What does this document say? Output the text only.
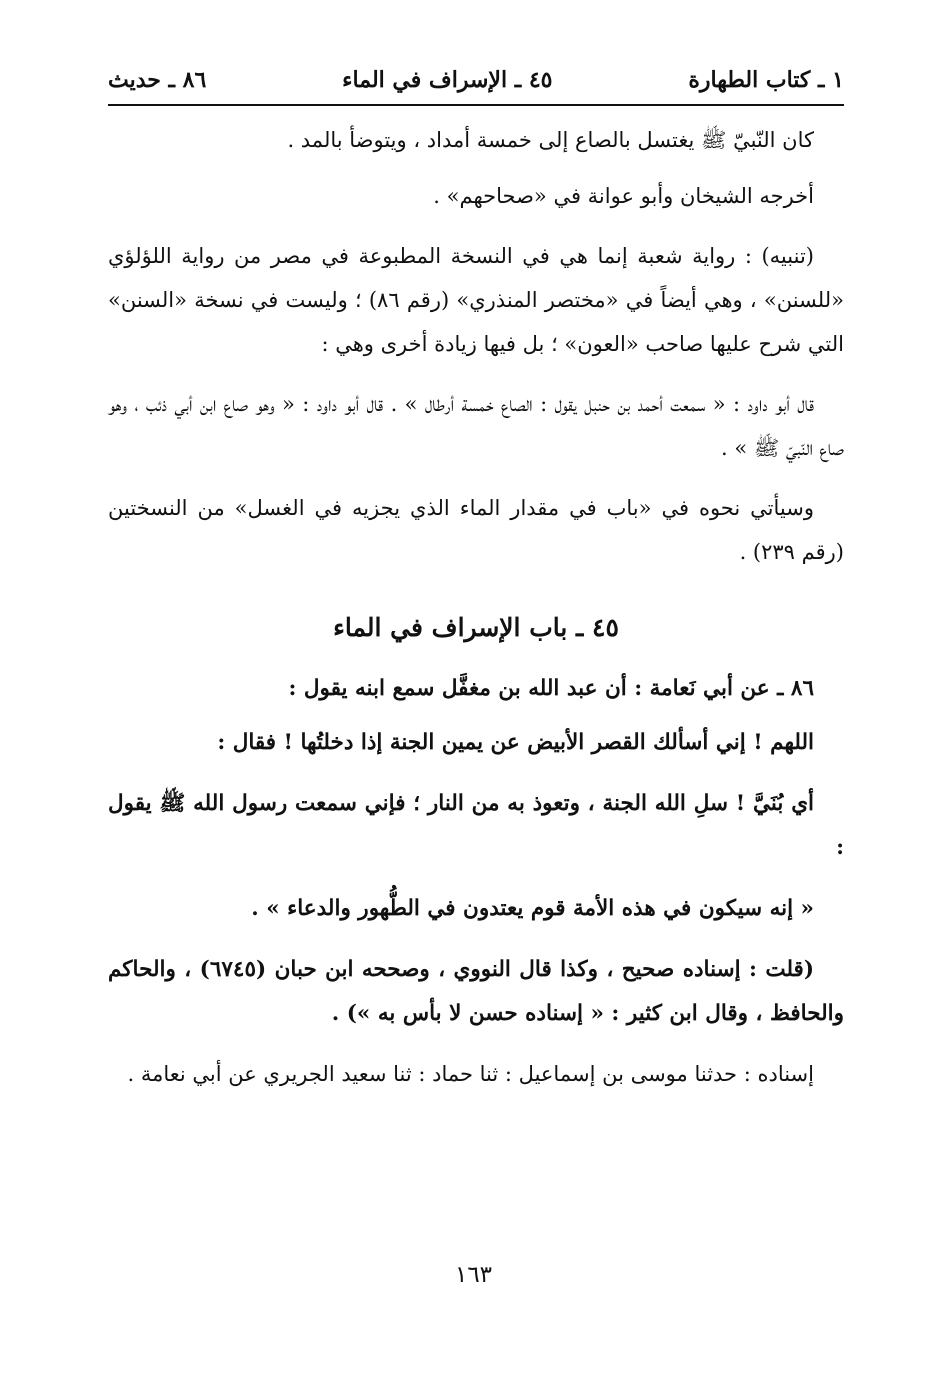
١ ـ كتاب الطهارة
٤٥ ـ الإسراف في الماء
٨٦ ـ حديث

كان النّبيّ ﷺ يغتسل بالصاع إلى خمسة أمداد ، ويتوضأ بالمد .

أخرجه الشيخان وأبو عوانة في «صحاحهم» .

(تنبيه) : رواية شعبة إنما هي في النسخة المطبوعة في مصر من رواية اللؤلؤي «للسنن» ، وهي أيضاً في «مختصر المنذري» (رقم ٨٦) ؛ وليست في نسخة «السنن» التي شرح عليها صاحب «العون» ؛ بل فيها زيادة أخرى وهي :

قال أبو داود : « سمعت أحمد بن حنبل يقول : الصاع خمسة أرطال » . قال أبو داود : « وهو صاع ابن أبي ذئب ، وهو صاع النّبيّ ﷺ » .

وسيأتي نحوه في «باب في مقدار الماء الذي يجزيه في الغسل» من النسختين (رقم ٢٣٩) .

٤٥ ـ باب الإسراف في الماء

٨٦ ـ عن أبي نَعامة : أن عبد الله بن مغفَّل سمع ابنه يقول :

اللهم ! إني أسألك القصر الأبيض عن يمين الجنة إذا دخلتُها ! فقال :

أي بُنَيَّ ! سلِ الله الجنة ، وتعوذ به من النار ؛ فإني سمعت رسول الله ﷺ يقول :

« إنه سيكون في هذه الأمة قوم يعتدون في الطُّهور والدعاء » .

(قلت : إسناده صحيح ، وكذا قال النووي ، وصححه ابن حبان (٦٧٤٥) ، والحاكم والحافظ ، وقال ابن كثير : « إسناده حسن لا بأس به ») .

إسناده : حدثنا موسى بن إسماعيل : ثنا حماد : ثنا سعيد الجريري عن أبي نعامة .

١٦٣
